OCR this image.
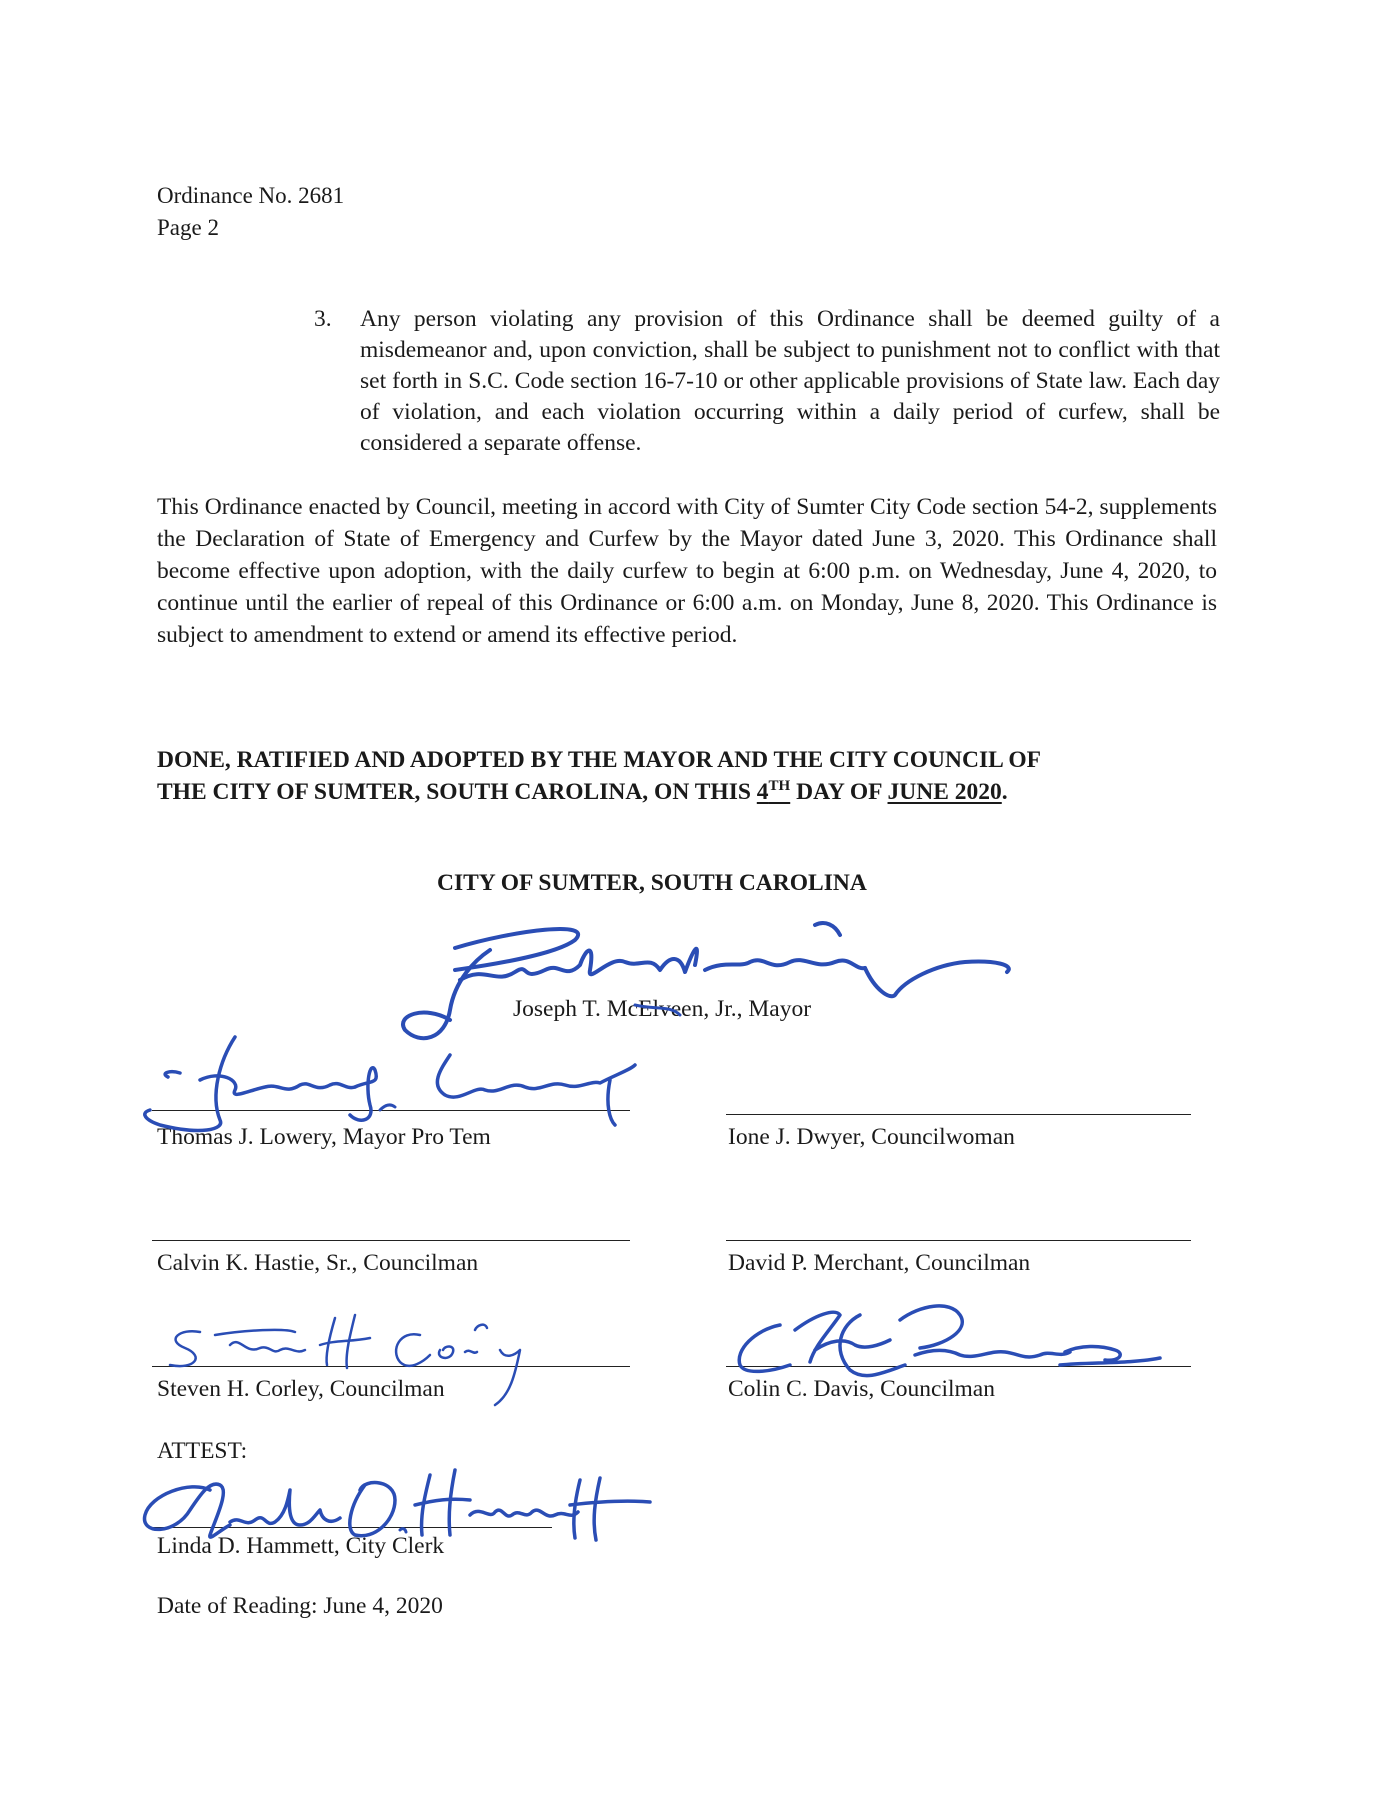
Ordinance No. 2681
Page 2
3. Any person violating any provision of this Ordinance shall be deemed guilty of a misdemeanor and, upon conviction, shall be subject to punishment not to conflict with that set forth in S.C. Code section 16-7-10 or other applicable provisions of State law. Each day of violation, and each violation occurring within a daily period of curfew, shall be considered a separate offense.
This Ordinance enacted by Council, meeting in accord with City of Sumter City Code section 54-2, supplements the Declaration of State of Emergency and Curfew by the Mayor dated June 3, 2020. This Ordinance shall become effective upon adoption, with the daily curfew to begin at 6:00 p.m. on Wednesday, June 4, 2020, to continue until the earlier of repeal of this Ordinance or 6:00 a.m. on Monday, June 8, 2020. This Ordinance is subject to amendment to extend or amend its effective period.
DONE, RATIFIED AND ADOPTED BY THE MAYOR AND THE CITY COUNCIL OF
THE CITY OF SUMTER, SOUTH CAROLINA, ON THIS 4TH DAY OF JUNE 2020.
CITY OF SUMTER, SOUTH CAROLINA
Joseph T. McElveen, Jr., Mayor
Thomas J. Lowery, Mayor Pro Tem	Ione J. Dwyer, Councilwoman
Calvin K. Hastie, Sr., Councilman	David P. Merchant, Councilman
Steven H. Corley, Councilman	Colin C. Davis, Councilman
ATTEST:
Linda D. Hammett, City Clerk
Date of Reading: June 4, 2020
